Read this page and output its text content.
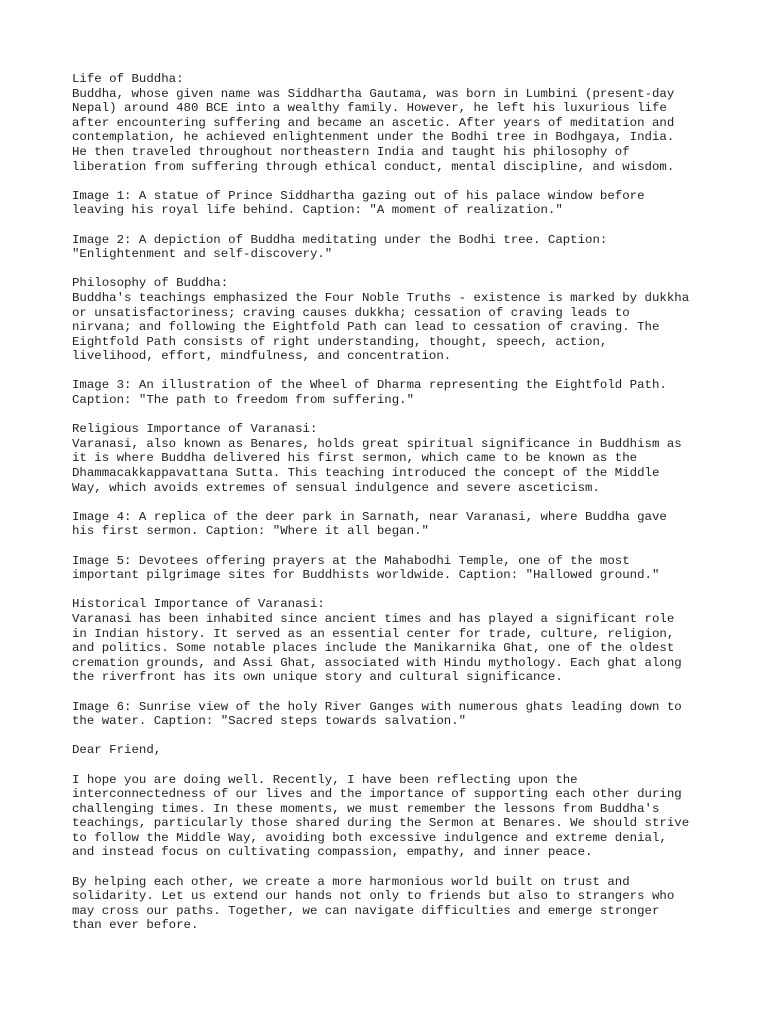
Life of Buddha:
Buddha, whose given name was Siddhartha Gautama, was born in Lumbini (present-day
Nepal) around 480 BCE into a wealthy family. However, he left his luxurious life
after encountering suffering and became an ascetic. After years of meditation and
contemplation, he achieved enlightenment under the Bodhi tree in Bodhgaya, India.
He then traveled throughout northeastern India and taught his philosophy of
liberation from suffering through ethical conduct, mental discipline, and wisdom.
Image 1: A statue of Prince Siddhartha gazing out of his palace window before
leaving his royal life behind. Caption: "A moment of realization."
Image 2: A depiction of Buddha meditating under the Bodhi tree. Caption:
"Enlightenment and self-discovery."
Philosophy of Buddha:
Buddha's teachings emphasized the Four Noble Truths - existence is marked by dukkha
or unsatisfactoriness; craving causes dukkha; cessation of craving leads to
nirvana; and following the Eightfold Path can lead to cessation of craving. The
Eightfold Path consists of right understanding, thought, speech, action,
livelihood, effort, mindfulness, and concentration.
Image 3: An illustration of the Wheel of Dharma representing the Eightfold Path.
Caption: "The path to freedom from suffering."
Religious Importance of Varanasi:
Varanasi, also known as Benares, holds great spiritual significance in Buddhism as
it is where Buddha delivered his first sermon, which came to be known as the
Dhammacakkappavattana Sutta. This teaching introduced the concept of the Middle
Way, which avoids extremes of sensual indulgence and severe asceticism.
Image 4: A replica of the deer park in Sarnath, near Varanasi, where Buddha gave
his first sermon. Caption: "Where it all began."
Image 5: Devotees offering prayers at the Mahabodhi Temple, one of the most
important pilgrimage sites for Buddhists worldwide. Caption: "Hallowed ground."
Historical Importance of Varanasi:
Varanasi has been inhabited since ancient times and has played a significant role
in Indian history. It served as an essential center for trade, culture, religion,
and politics. Some notable places include the Manikarnika Ghat, one of the oldest
cremation grounds, and Assi Ghat, associated with Hindu mythology. Each ghat along
the riverfront has its own unique story and cultural significance.
Image 6: Sunrise view of the holy River Ganges with numerous ghats leading down to
the water. Caption: "Sacred steps towards salvation."
Dear Friend,
I hope you are doing well. Recently, I have been reflecting upon the
interconnectedness of our lives and the importance of supporting each other during
challenging times. In these moments, we must remember the lessons from Buddha's
teachings, particularly those shared during the Sermon at Benares. We should strive
to follow the Middle Way, avoiding both excessive indulgence and extreme denial,
and instead focus on cultivating compassion, empathy, and inner peace.
By helping each other, we create a more harmonious world built on trust and
solidarity. Let us extend our hands not only to friends but also to strangers who
may cross our paths. Together, we can navigate difficulties and emerge stronger
than ever before.
